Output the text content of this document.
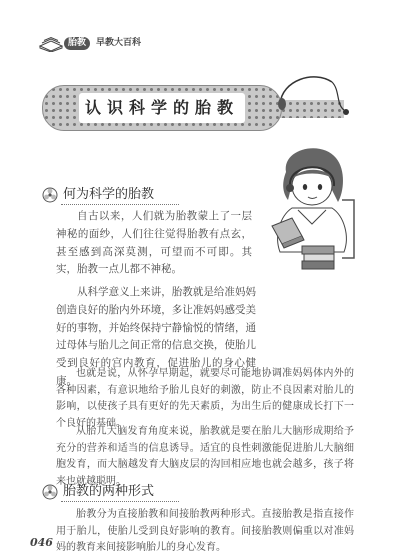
胎教	早教大百科
认识科学的胎教
何为科学的胎教

自古以来，人们就为胎教蒙上了一层神秘的面纱，人们往往觉得胎教有点玄，甚至感到高深莫测，可望而不可即。其实，胎教一点儿都不神秘。

从科学意义上来讲，胎教就是给准妈妈创造良好的胎内外环境，多让准妈妈感受美好的事物，并始终保持宁静愉悦的情绪，通过母体与胎儿之间正常的信息交换，使胎儿受到良好的宫内教育，促进胎儿的身心健康。

也就是说，从怀孕早期起，就要尽可能地协调准妈妈体内外的各种因素，有意识地给予胎儿良好的刺激，防止不良因素对胎儿的影响，以使孩子具有更好的先天素质，为出生后的健康成长打下一个良好的基础。

从胎儿大脑发育角度来说，胎教就是要在胎儿大脑形成期给予充分的营养和适当的信息诱导。适宜的良性刺激能促进胎儿大脑细胞发育，而大脑越发育大脑皮层的沟回相应地也就会越多，孩子将来也就越聪明。

胎教的两种形式

胎教分为直接胎教和间接胎教两种形式。直接胎教是指直接作用于胎儿，使胎儿受到良好影响的教育。间接胎教则偏重以对准妈妈的教育来间接影响胎儿的身心发育。

046
